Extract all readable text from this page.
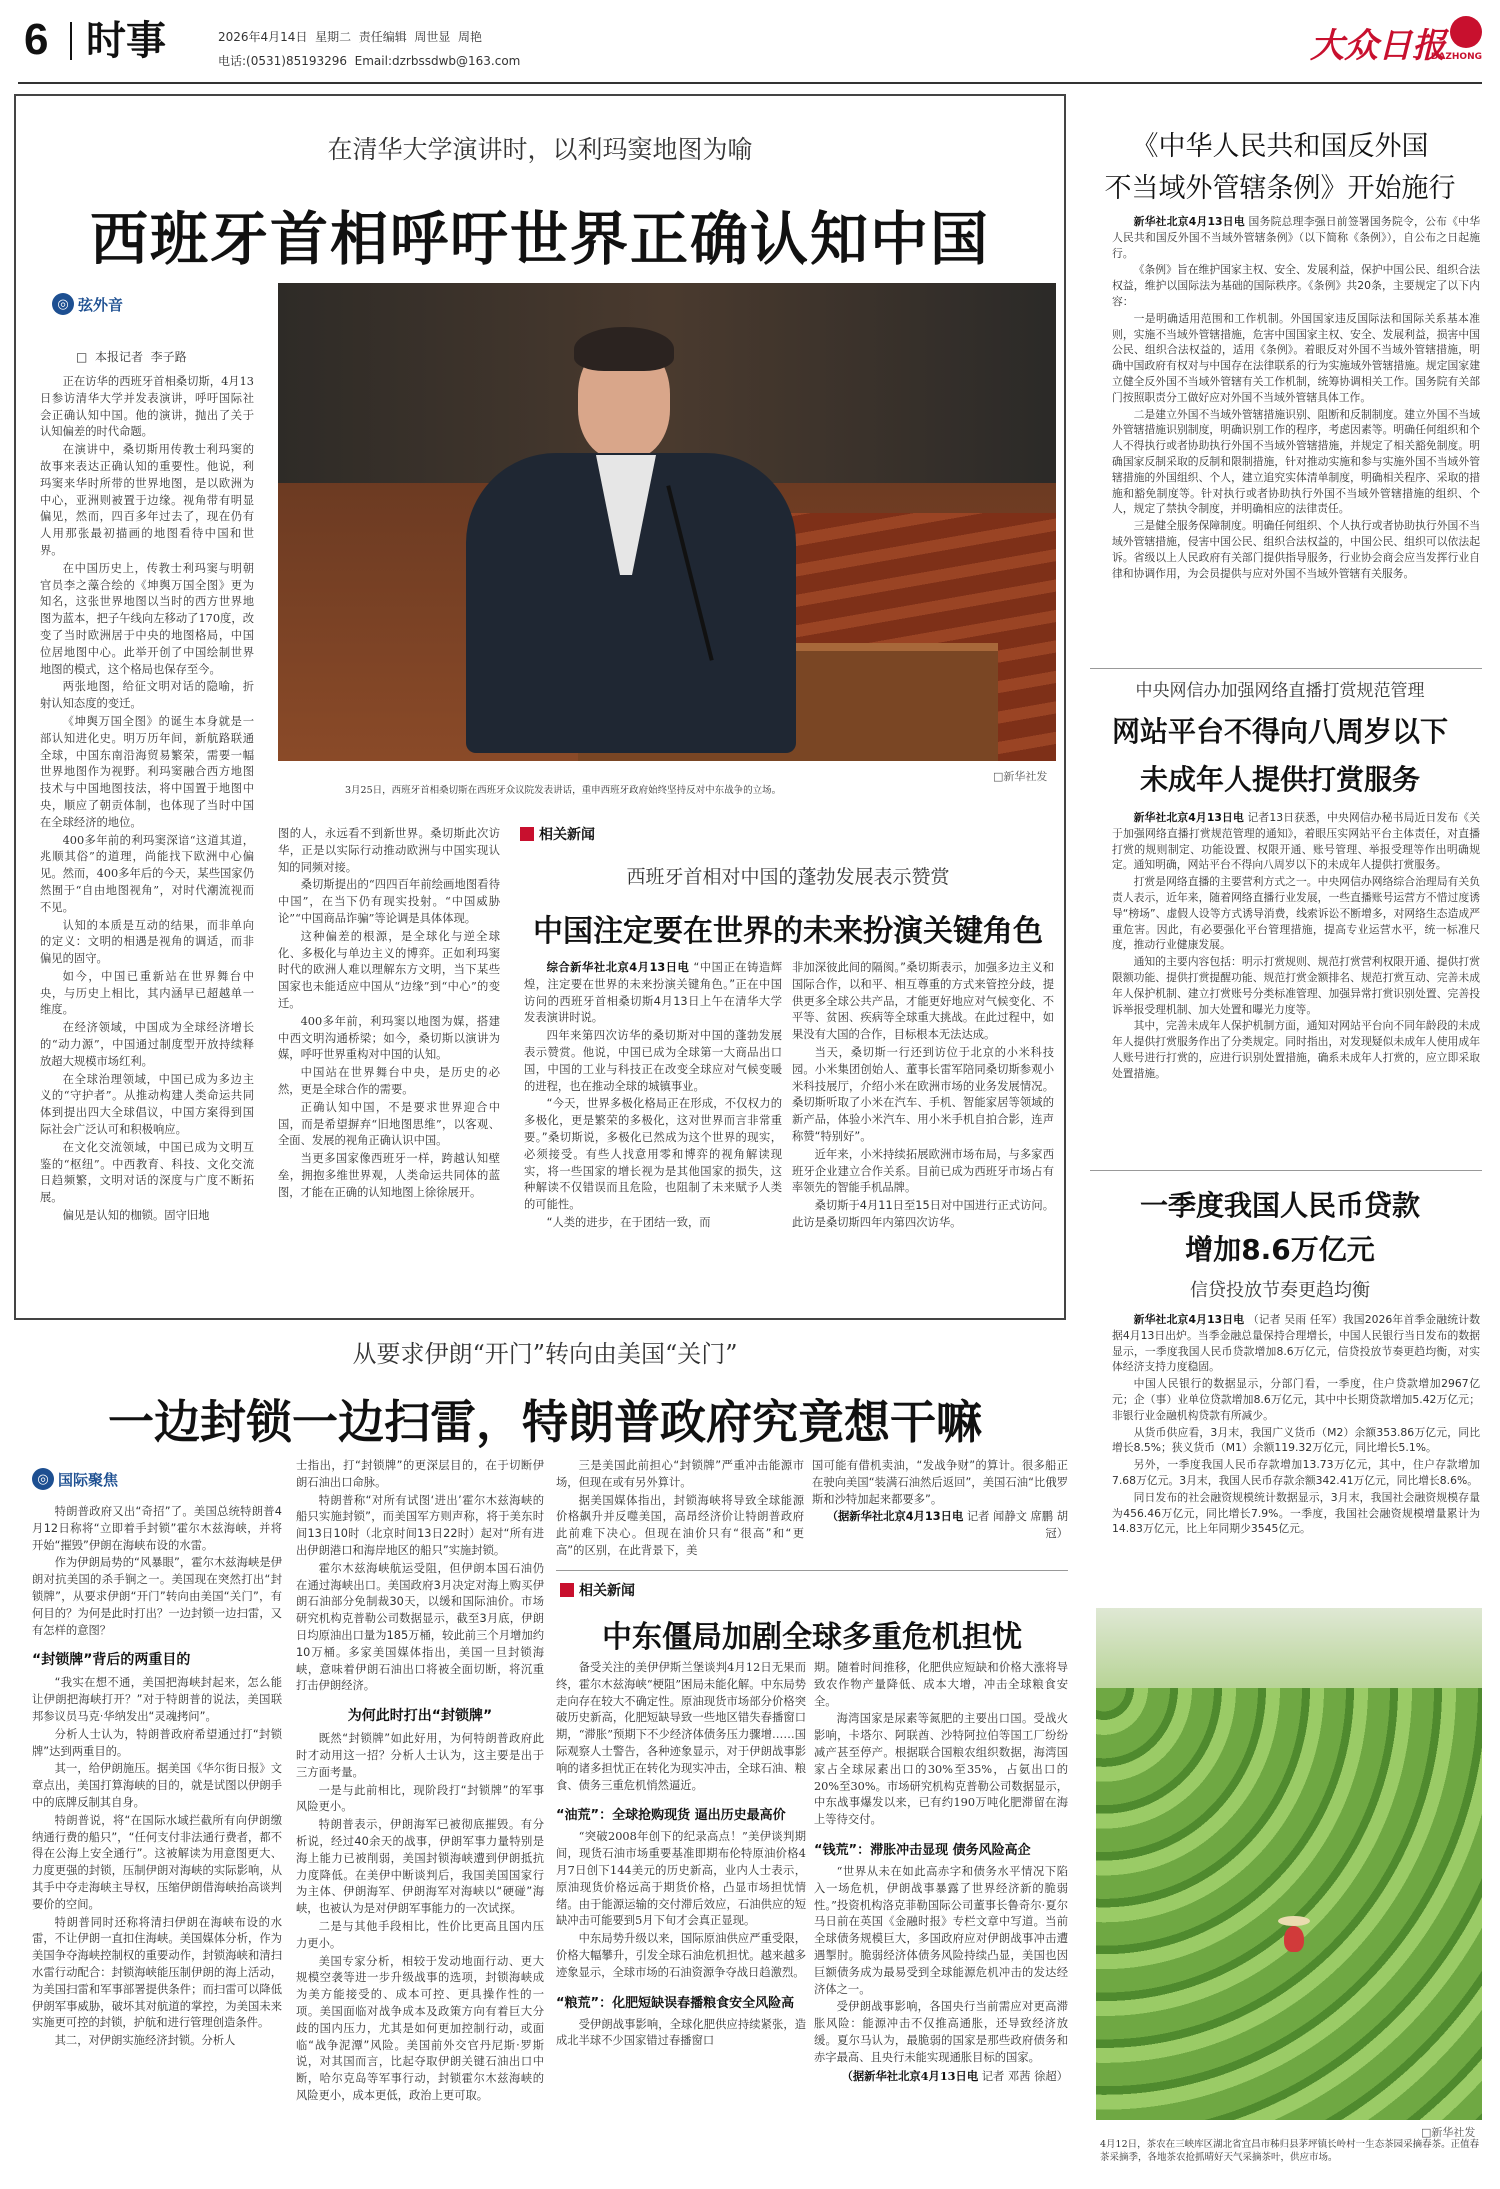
6 时事	2026年4月14日  星期二  责任编辑  周世显  周艳
电话:(0531)85193296  Email:dzrbssdwb@163.com	大众日报
DAZHONG
在清华大学演讲时，以利玛窦地图为喻
西班牙首相呼吁世界正确认知中国
◎ 弦外音
□  本报记者  李子路
□新华社发
3月25日，西班牙首相桑切斯在西班牙众议院发表讲话，重申西班牙政府始终坚持反对中东战争的立场。

正在访华的西班牙首相桑切斯，4月13日参访清华大学并发表演讲，呼吁国际社会正确认知中国。他的演讲，抛出了关于认知偏差的时代命题。

在演讲中，桑切斯用传教士利玛窦的故事来表达正确认知的重要性。他说，利玛窦来华时所带的世界地图，是以欧洲为中心，亚洲则被置于边缘。视角带有明显偏见，然而，四百多年过去了，现在仍有人用那张最初描画的地图看待中国和世界。

在中国历史上，传教士利玛窦与明朝官员李之藻合绘的《坤舆万国全图》更为知名，这张世界地图以当时的西方世界地图为蓝本，把子午线向左移动了170度，改变了当时欧洲居于中央的地图格局，中国位居地图中心。此举开创了中国绘制世界地图的模式，这个格局也保存至今。

两张地图，给征文明对话的隐喻，折射认知态度的变迁。

《坤舆万国全图》的诞生本身就是一部认知进化史。明万历年间，新航路联通全球，中国东南沿海贸易繁荣，需要一幅世界地图作为视野。利玛窦融合西方地图技术与中国地图技法，将中国置于地图中央，顺应了朝贡体制，也体现了当时中国在全球经济的地位。

400多年前的利玛窦深谙“这道其道，兆顺其俗”的道理，尚能找下欧洲中心偏见。然而，400多年后的今天，某些国家仍然囿于“自由地图视角”，对时代潮流视而不见。

认知的本质是互动的结果，而非单向的定义：文明的相遇是视角的调适，而非偏见的固守。

如今，中国已重新站在世界舞台中央，与历史上相比，其内涵早已超越单一维度。

在经济领域，中国成为全球经济增长的“动力源”，中国通过制度型开放持续释放超大规模市场红利。

在全球治理领域，中国已成为多边主义的“守护者”。从推动构建人类命运共同体到提出四大全球倡议，中国方案得到国际社会广泛认可和积极响应。

在文化交流领域，中国已成为文明互鉴的“枢纽”。中西教育、科技、文化交流日趋频繁，文明对话的深度与广度不断拓展。

偏见是认知的枷锁。固守旧地

图的人，永远看不到新世界。桑切斯此次访华，正是以实际行动推动欧洲与中国实现认知的同频对接。

桑切斯提出的“四四百年前绘画地图看待中国”，在当下仍有现实投射。“中国威胁论”“中国商品诈骗”等论调是具体体现。

这种偏差的根源，是全球化与逆全球化、多极化与单边主义的博弈。正如利玛窦时代的欧洲人难以理解东方文明，当下某些国家也未能适应中国从“边缘”到“中心”的变迁。

400多年前，利玛窦以地图为媒，搭建中西文明沟通桥梁；如今，桑切斯以演讲为媒，呼吁世界重构对中国的认知。

中国站在世界舞台中央，是历史的必然，更是全球合作的需要。

正确认知中国，不是要求世界迎合中国，而是希望摒弃“旧地图思维”，以客观、全面、发展的视角正确认识中国。

当更多国家像西班牙一样，跨越认知壁垒，拥抱多维世界观，人类命运共同体的蓝图，才能在正确的认知地图上徐徐展开。

相关新闻
西班牙首相对中国的蓬勃发展表示赞赏
中国注定要在世界的未来扮演关键角色

综合新华社北京4月13日电 “中国正在铸造辉煌，注定要在世界的未来扮演关键角色。”正在中国访问的西班牙首相桑切斯4月13日上午在清华大学发表演讲时说。

四年来第四次访华的桑切斯对中国的蓬勃发展表示赞赏。他说，中国已成为全球第一大商品出口国，中国的工业与科技正在改变全球应对气候变暖的进程，也在推动全球的城镇事业。

“今天，世界多极化格局正在形成，不仅权力的多极化，更是繁荣的多极化，这对世界而言非常重要。”桑切斯说，多极化已然成为这个世界的现实，必须接受。有些人找意用零和博弈的视角解读现实，将一些国家的增长视为是其他国家的损失，这种解读不仅错误而且危险，也阻制了未来赋予人类的可能性。

“人类的进步，在于团结一致，而

非加深彼此间的隔阂。”桑切斯表示，加强多边主义和国际合作，以和平、相互尊重的方式来管控分歧，提供更多全球公共产品，才能更好地应对气候变化、不平等、贫困、疾病等全球重大挑战。在此过程中，如果没有大国的合作，目标根本无法达成。

当天，桑切斯一行还到访位于北京的小米科技园。小米集团创始人、董事长雷军陪同桑切斯参观小米科技展厅，介绍小米在欧洲市场的业务发展情况。桑切斯听取了小米在汽车、手机、智能家居等领域的新产品，体验小米汽车、用小米手机自拍合影，连声称赞“特别好”。

近年来，小米持续拓展欧洲市场布局，与多家西班牙企业建立合作关系。目前已成为西班牙市场占有率领先的智能手机品牌。

桑切斯于4月11日至15日对中国进行正式访问。此访是桑切斯四年内第四次访华。

《中华人民共和国反外国
不当域外管辖条例》开始施行

新华社北京4月13日电 国务院总理李强日前签署国务院令，公布《中华人民共和国反外国不当域外管辖条例》（以下简称《条例》），自公布之日起施行。

《条例》旨在维护国家主权、安全、发展利益，保护中国公民、组织合法权益，维护以国际法为基础的国际秩序。《条例》共20条，主要规定了以下内容：

一是明确适用范围和工作机制。外国国家违反国际法和国际关系基本准则，实施不当域外管辖措施，危害中国国家主权、安全、发展利益，损害中国公民、组织合法权益的，适用《条例》。着眼反对外国不当域外管辖措施，明确中国政府有权对与中国存在法律联系的行为实施域外管辖措施。规定国家建立健全反外国不当域外管辖有关工作机制，统筹协调相关工作。国务院有关部门按照职责分工做好应对外国不当域外管辖具体工作。

二是建立外国不当域外管辖措施识别、阻断和反制制度。建立外国不当域外管辖措施识别制度，明确识别工作的程序，考虑因素等。明确任何组织和个人不得执行或者协助执行外国不当域外管辖措施，并规定了相关豁免制度。明确国家反制采取的反制和限制措施，针对推动实施和参与实施外国不当域外管辖措施的外国组织、个人，建立追究实体清单制度，明确相关程序、采取的措施和豁免制度等。针对执行或者协助执行外国不当域外管辖措施的组织、个人，规定了禁执令制度，并明确相应的法律责任。

三是健全服务保障制度。明确任何组织、个人执行或者协助执行外国不当域外管辖措施，侵害中国公民、组织合法权益的，中国公民、组织可以依法起诉。省级以上人民政府有关部门提供指导服务，行业协会商会应当发挥行业自律和协调作用，为会员提供与应对外国不当域外管辖有关服务。

中央网信办加强网络直播打赏规范管理
网站平台不得向八周岁以下
未成年人提供打赏服务

新华社北京4月13日电 记者13日获悉，中央网信办秘书局近日发布《关于加强网络直播打赏规范管理的通知》，着眼压实网站平台主体责任，对直播打赏的规则制定、功能设置、权限开通、账号管理、举报受理等作出明确规定。通知明确，网站平台不得向八周岁以下的未成年人提供打赏服务。

打赏是网络直播的主要营利方式之一。中央网信办网络综合治理局有关负责人表示，近年来，随着网络直播行业发展，一些直播账号运营方不惜过度诱导“榜场”、虚假人设等方式诱导消费，线索诉讼不断增多，对网络生态造成严重危害。因此，有必要强化平台管理措施，提高专业运营水平，统一标准尺度，推动行业健康发展。

通知的主要内容包括：明示打赏规则、规范打赏营利权限开通、提供打赏限额功能、提供打赏提醒功能、规范打赏金额排名、规范打赏互动、完善未成年人保护机制、建立打赏账号分类标准管理、加强异常打赏识别处置、完善投诉举报受理机制、加大处置和曝光力度等。

其中，完善未成年人保护机制方面，通知对网站平台向不同年龄段的未成年人提供打赏服务作出了分类规定。同时指出，对发现疑似未成年人使用成年人账号进行打赏的，应进行识别处置措施，确系未成年人打赏的，应立即采取处置措施。

一季度我国人民币贷款
增加8.6万亿元
信贷投放节奏更趋均衡

新华社北京4月13日电 （记者 吴雨 任军）我国2026年首季金融统计数据4月13日出炉。当季金融总量保持合理增长，中国人民银行当日发布的数据显示，一季度我国人民币贷款增加8.6万亿元，信贷投放节奏更趋均衡，对实体经济支持力度稳固。

中国人民银行的数据显示，分部门看，一季度，住户贷款增加2967亿元；企（事）业单位贷款增加8.6万亿元，其中中长期贷款增加5.42万亿元；非银行业金融机构贷款有所减少。

从货币供应看，3月末，我国广义货币（M2）余额353.86万亿元，同比增长8.5%；狭义货币（M1）余额119.32万亿元，同比增长5.1%。

另外，一季度我国人民币存款增加13.73万亿元，其中，住户存款增加7.68万亿元。3月末，我国人民币存款余额342.41万亿元，同比增长8.6%。

同日发布的社会融资规模统计数据显示，3月末，我国社会融资规模存量为456.46万亿元，同比增长7.9%。一季度，我国社会融资规模增量累计为14.83万亿元，比上年同期少3545亿元。

□新华社发
4月12日，茶农在三峡库区湖北省宜昌市秭归县茅坪镇长岭村一生态茶园采摘春茶。正值春茶采摘季，各地茶农抢抓晴好天气采摘茶叶，供应市场。
从要求伊朗“开门”转向由美国“关门”
一边封锁一边扫雷，特朗普政府究竟想干嘛
◎ 国际聚焦

特朗普政府又出“奇招”了。美国总统特朗普4月12日称将“立即着手封锁”霍尔木兹海峡，并将开始“摧毁”伊朗在海峡布设的水雷。

作为伊朗局势的“风暴眼”，霍尔木兹海峡是伊朗对抗美国的杀手锏之一。美国现在突然打出“封锁牌”，从要求伊朗“开门”转向由美国“关门”，有何目的？为何是此时打出？一边封锁一边扫雷，又有怎样的意图？

“封锁牌”背后的两重目的

“我实在想不通，美国把海峡封起来，怎么能让伊朗把海峡打开？”对于特朗普的说法，美国联邦参议员马克·华纳发出“灵魂拷问”。

分析人士认为，特朗普政府希望通过打“封锁牌”达到两重目的。

其一，给伊朗施压。据美国《华尔街日报》文章点出，美国打算海峡的目的，就是试图以伊朗手中的底牌反制其自身。

特朗普说，将“在国际水域拦截所有向伊朗缴纳通行费的船只”，“任何支付非法通行费者，都不得在公海上安全通行”。这被解读为用意图更大、力度更强的封锁，压制伊朗对海峡的实际影响，从其手中夺走海峡主导权，压缩伊朗借海峡抬高谈判要价的空间。

特朗普同时还称将清扫伊朗在海峡布设的水雷，不让伊朗一直扣住海峡。美国媒体分析，作为美国争夺海峡控制权的重要动作，封锁海峡和清扫水雷行动配合：封锁海峡能压制伊朗的海上活动，为美国扫雷和军事部署提供条件；而扫雷可以降低伊朗军事威胁，破坏其对航道的掌控，为美国未来实施更可控的封锁，护航和进行管理创造条件。

其二，对伊朗实施经济封锁。分析人

士指出，打“封锁牌”的更深层目的，在于切断伊朗石油出口命脉。

特朗普称“对所有试图‘进出’霍尔木兹海峡的船只实施封锁”，而美国军方则声称，将于美东时间13日10时（北京时间13日22时）起对“所有进出伊朗港口和海岸地区的船只”实施封锁。

霍尔木兹海峡航运受阻，但伊朗本国石油仍在通过海峡出口。美国政府3月决定对海上购买伊朗石油部分免制裁30天，以缓和国际油价。市场研究机构克普勒公司数据显示，截至3月底，伊朗日均原油出口量为185万桶，较此前三个月增加约10万桶。多家美国媒体指出，美国一旦封锁海峡，意味着伊朗石油出口将被全面切断，将沉重打击伊朗经济。

为何此时打出“封锁牌”

既然“封锁牌”如此好用，为何特朗普政府此时才动用这一招？分析人士认为，这主要是出于三方面考量。

一是与此前相比，现阶段打“封锁牌”的军事风险更小。

特朗普表示，伊朗海军已被彻底摧毁。有分析说，经过40余天的战事，伊朗军事力量特别是海上能力已被削弱，美国封锁海峡遭到伊朗抵抗力度降低。在美伊中断谈判后，我国美国国家行为主体、伊朗海军、伊朗海军对海峡以“硬碰”海峡，也被认为是对伊朗军事能力的一次试探。

二是与其他手段相比，性价比更高且国内压力更小。

美国专家分析，相较于发动地面行动、更大规模空袭等进一步升级战事的选项，封锁海峡成为美方能接受的、成本可控、更具操作性的一项。美国面临对战争成本及政策方向有着巨大分歧的国内压力，尤其是如何更加控制行动，或面临“战争泥潭”风险。美国前外交官丹尼斯·罗斯说，对其国而言，比起夺取伊朗关键石油出口中断，哈尔克岛等军事行动，封锁霍尔木兹海峡的风险更小，成本更低，政治上更可取。

三是美国此前担心“封锁牌”严重冲击能源市场，但现在或有另外算计。

据美国媒体指出，封锁海峡将导致全球能源价格飙升并反噬美国，高昂经济价让特朗普政府此前难下决心。但现在油价只有“很高”和“更高”的区别，在此背景下，美

国可能有借机卖油，“发战争财”的算计。很多船正在驶向美国“装满石油然后返回”，美国石油“比俄罗斯和沙特加起来都要多”。

（据新华社北京4月13日电 记者 闻静文 席鹏 胡冠）

相关新闻
中东僵局加剧全球多重危机担忧

备受关注的美伊伊斯兰堡谈判4月12日无果而终，霍尔木兹海峡“梗阻”困局未能化解。中东局势走向存在较大不确定性。原油现货市场部分价格突破历史新高，化肥短缺导致一些地区错失春播窗口期，“滞胀”预期下不少经济体债务压力骤增……国际观察人士警告，各种迹象显示，对于伊朗战事影响的诸多担忧正在转化为现实冲击，全球石油、粮食、债务三重危机悄然逼近。

“油荒”：全球抢购现货 逼出历史最高价

“突破2008年创下的纪录高点！”美伊谈判期间，现货石油市场重要基准即期布伦特原油价格4月7日创下144美元的历史新高，业内人士表示，原油现货价格远高于期货价格，凸显市场担忧情绪。由于能源运输的交付滞后效应，石油供应的短缺冲击可能要到5月下旬才会真正显现。

中东局势升级以来，国际原油供应严重受限，价格大幅攀升，引发全球石油危机担忧。越来越多迹象显示，全球市场的石油资源争夺战日趋激烈。

“粮荒”：化肥短缺误春播粮食安全风险高

受伊朗战事影响，全球化肥供应持续紧张，造成北半球不少国家错过春播窗口

期。随着时间推移，化肥供应短缺和价格大涨将导致农作物产量降低、成本大增，冲击全球粮食安全。

海湾国家是尿素等氮肥的主要出口国。受战火影响，卡塔尔、阿联酋、沙特阿拉伯等国工厂纷纷减产甚至停产。根据联合国粮农组织数据，海湾国家占全球尿素出口的30%至35%，占氨出口的20%至30%。市场研究机构克普勒公司数据显示，中东战事爆发以来，已有约190万吨化肥滞留在海上等待交付。

“钱荒”：滞胀冲击显现 债务风险高企

“世界从未在如此高赤字和债务水平情况下陷入一场危机，伊朗战事暴露了世界经济新的脆弱性。”投资机构洛克菲勒国际公司董事长鲁奇尔·夏尔马日前在英国《金融时报》专栏文章中写道。当前全球债务规模巨大，多国政府应对伊朗战事冲击遭遇掣肘。脆弱经济体债务风险持续凸显，美国也因巨额债务成为最易受到全球能源危机冲击的发达经济体之一。

受伊朗战事影响，各国央行当前需应对更高滞胀风险：能源冲击不仅推高通胀，还导致经济放缓。夏尔马认为，最脆弱的国家是那些政府债务和赤字最高、且央行未能实现通胀目标的国家。

（据新华社北京4月13日电 记者 邓茜 徐超）
